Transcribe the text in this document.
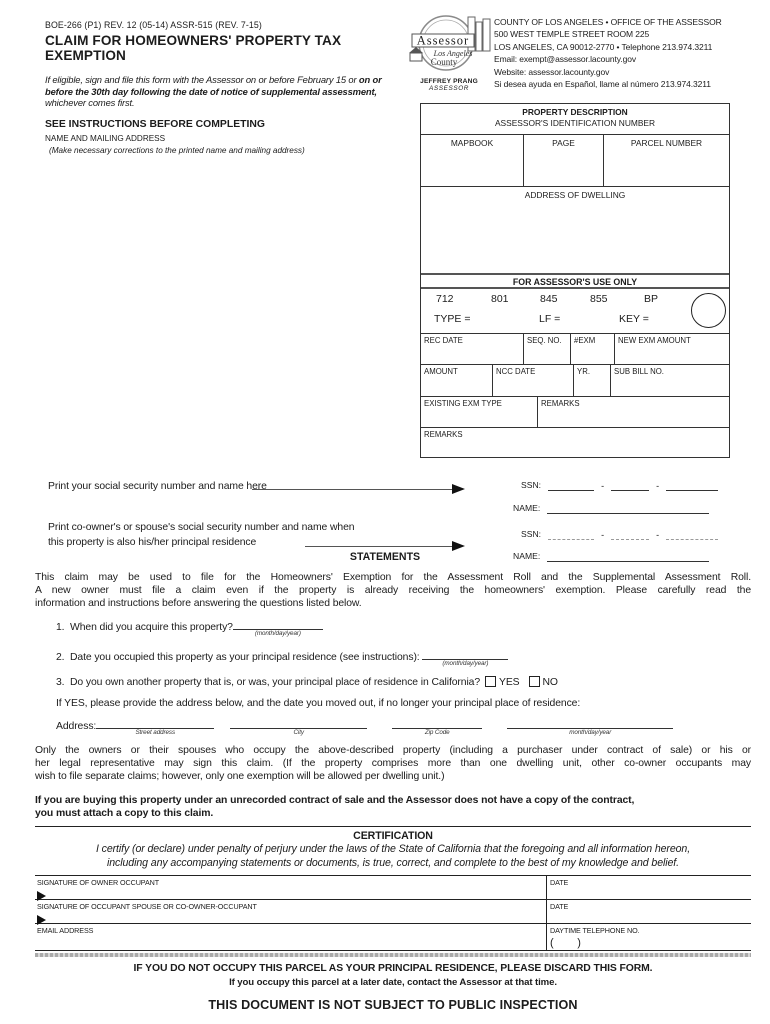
BOE-266 (P1) REV. 12 (05-14) ASSR-515 (REV. 7-15)
CLAIM FOR HOMEOWNERS' PROPERTY TAX EXEMPTION
If eligible, sign and file this form with the Assessor on or before February 15 or on or before the 30th day following the date of notice of supplemental assessment, whichever comes first.
SEE INSTRUCTIONS BEFORE COMPLETING
NAME AND MAILING ADDRESS
(Make necessary corrections to the printed name and mailing address)
Assessor
Los Angeles
County
JEFFREY PRANG
ASSESSOR
COUNTY OF LOS ANGELES • OFFICE OF THE ASSESSOR
500 WEST TEMPLE STREET ROOM 225
LOS ANGELES, CA 90012-2770 • Telephone 213.974.3211
Email: exempt@assessor.lacounty.gov
Website: assessor.lacounty.gov
Si desea ayuda en Español, llame al número 213.974.3211
PROPERTY DESCRIPTION
ASSESSOR'S IDENTIFICATION NUMBER
MAPBOOK	PAGE	PARCEL NUMBER
ADDRESS OF DWELLING
FOR ASSESSOR'S USE ONLY
712	801	845	855	BP
TYPE =	LF =	KEY =
REC DATE	SEQ. NO.	#EXM	NEW EXM AMOUNT
AMOUNT	NCC DATE	YR.	SUB BILL NO.
EXISTING EXM TYPE	REMARKS
REMARKS
Print your social security number and name here	SSN:	-	-
NAME:
Print co-owner's or spouse's social security number and name when
this property is also his/her principal residence
SSN:	-	-
NAME:
STATEMENTS
This claim may be used to file for the Homeowners' Exemption for the Assessment Roll and the Supplemental Assessment Roll.
A new owner must file a claim even if the property is already receiving the homeowners' exemption. Please carefully read the
information and instructions before answering the questions listed below.
1. When did you acquire this property?
(month/day/year)
2. Date you occupied this property as your principal residence (see instructions):
(month/day/year)
3. Do you own another property that is, or was, your principal place of residence in California? YES NO
If YES, please provide the address below, and the date you moved out, if no longer your principal place of residence:
Address:
Street address	City	Zip Code	month/day/year
Only the owners or their spouses who occupy the above-described property (including a purchaser under contract of sale) or his or
her legal representative may sign this claim. (If the property comprises more than one dwelling unit, other co-owner occupants may
wish to file separate claims; however, only one exemption will be allowed per dwelling unit.)
If you are buying this property under an unrecorded contract of sale and the Assessor does not have a copy of the contract,
you must attach a copy to this claim.
CERTIFICATION
I certify (or declare) under penalty of perjury under the laws of the State of California that the foregoing and all information hereon,
including any accompanying statements or documents, is true, correct, and complete to the best of my knowledge and belief.
SIGNATURE OF OWNER OCCUPANT	DATE
SIGNATURE OF OCCUPANT SPOUSE OR CO-OWNER-OCCUPANT	DATE
EMAIL ADDRESS	DAYTIME TELEPHONE NO.
(        )
IF YOU DO NOT OCCUPY THIS PARCEL AS YOUR PRINCIPAL RESIDENCE, PLEASE DISCARD THIS FORM.
If you occupy this parcel at a later date, contact the Assessor at that time.
THIS DOCUMENT IS NOT SUBJECT TO PUBLIC INSPECTION
